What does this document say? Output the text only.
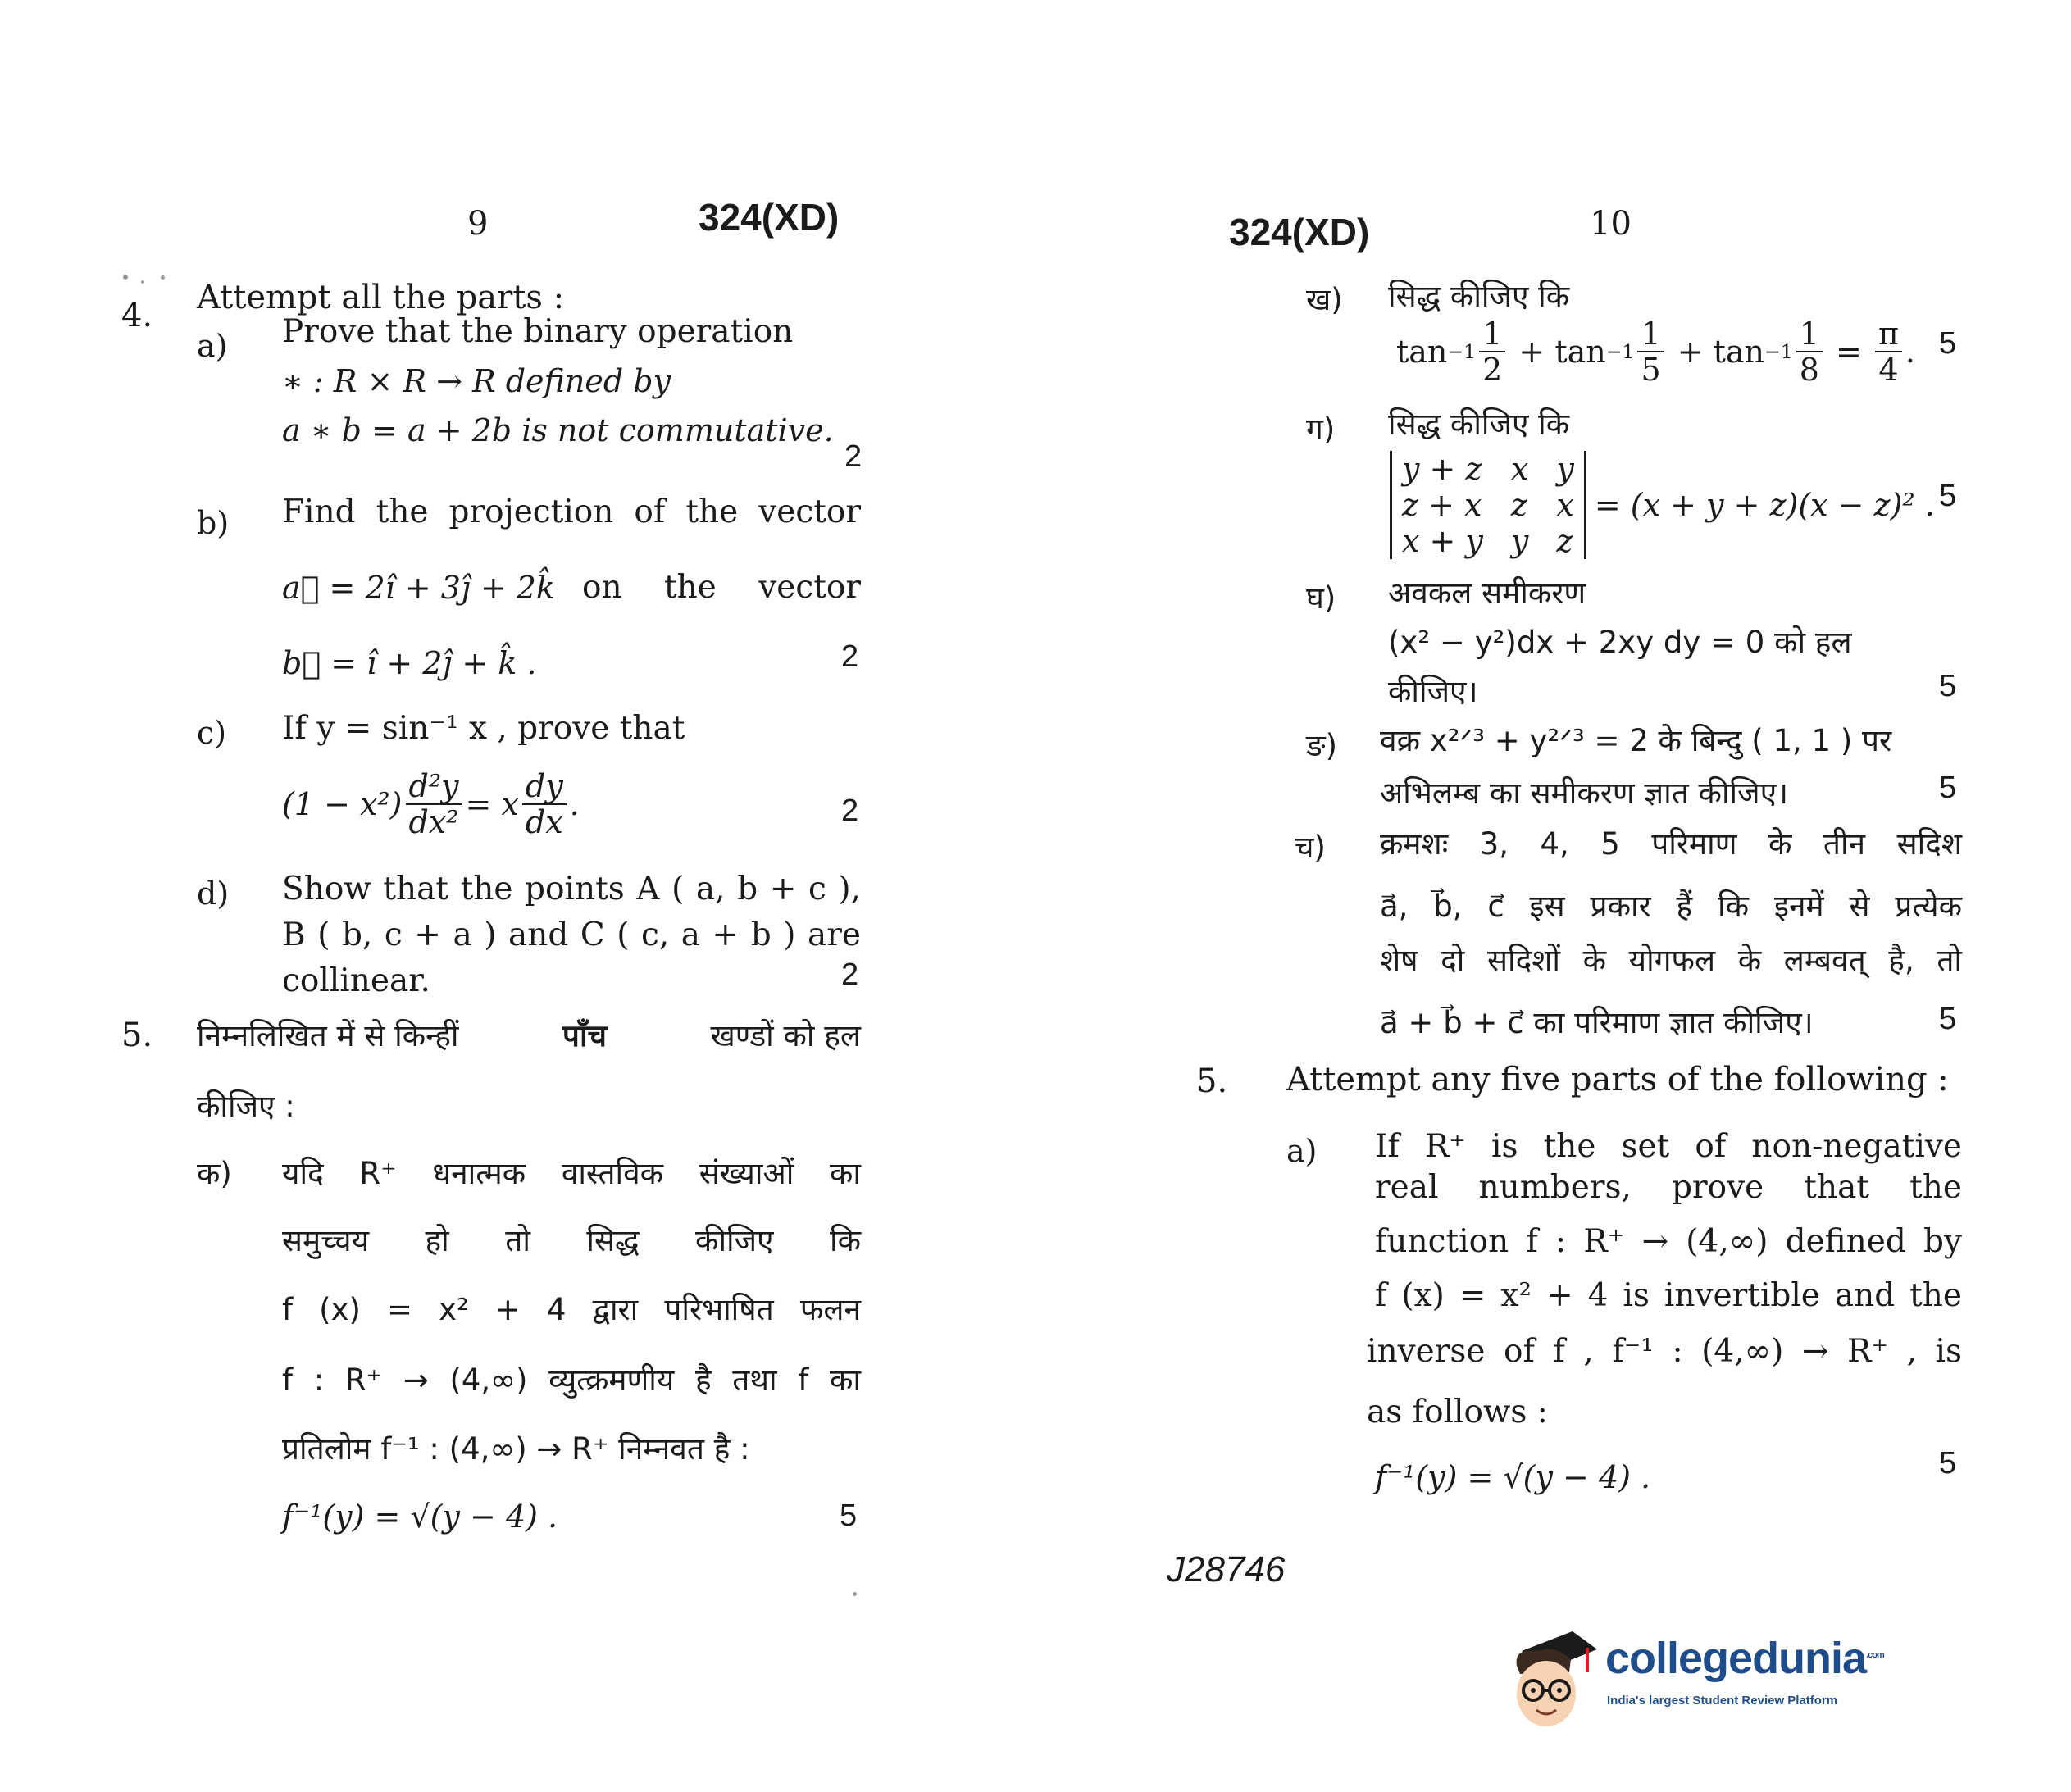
9	324(XD)
4. Attempt all the parts :
a) Prove that the binary operation
∗ : R × R → R defined by
a ∗ b = a + 2b is not commutative.
2
b) Find the projection of the vector
a⃗ = 2î + 3ĵ + 2k̂ on the vector
b⃗ = î + 2ĵ + k̂ .	2
c) If y = sin⁻¹ x , prove that
$(1 - x^2) \frac{\text{d²y}}{\text{dx²}} = x \frac{dy}{dx}$ .	2
d) Show that the points A ( a, b + c ),
B ( b, c + a ) and C ( c, a + b ) are
collinear.	2
5. निम्नलिखित में से किन्हीं	पाँच	खण्डों को हल
कीजिए :
क) यदि R⁺ धनात्मक वास्तविक संख्याओं का
समुच्चय हो तो सिद्ध कीजिए कि
f (x) = x² + 4 द्वारा परिभाषित फलन
f : R⁺ → (4,∞) व्युत्क्रमणीय है तथा f का
प्रतिलोम f⁻¹ : (4,∞) → R⁺ निम्नवत है :
f⁻¹(y) = √(y − 4) .	5
324(XD)	10
ख) सिद्ध कीजिए कि
$\tan -1 \frac{1}{2} + \tan -1 \frac{1}{5} + \tan -1 \frac{1}{8} = \frac{\pi}{4}$ . 5
ग) सिद्ध कीजिए कि
y + z x y
z + x z x
x + y y z
= (x + y + z)(x − z)² . 5
घ) अवकल समीकरण
(x² − y²)dx + 2xy dy = 0 को हल
कीजिए।	5
ङ) वक्र x²ᐟ³ + y²ᐟ³ = 2 के बिन्दु ( 1, 1 ) पर
अभिलम्ब का समीकरण ज्ञात कीजिए।	5
च) क्रमशः 3, 4, 5 परिमाण के तीन सदिश
a⃗, b⃗, c⃗ इस प्रकार हैं कि इनमें से प्रत्येक
शेष दो सदिशों के योगफल के लम्बवत् है, तो
a⃗ + b⃗ + c⃗ का परिमाण ज्ञात कीजिए।	5
5. Attempt any five parts of the following :
a) If R⁺ is the set of non-negative
real numbers, prove that the
function f : R⁺ → (4,∞) defined by
f (x) = x² + 4 is invertible and the
inverse of f , f⁻¹ : (4,∞) → R⁺ , is
as follows :
f⁻¹(y) = √(y − 4) .	5
J28746
collegedunia$^{.com}$
India's largest Student Review Platform
